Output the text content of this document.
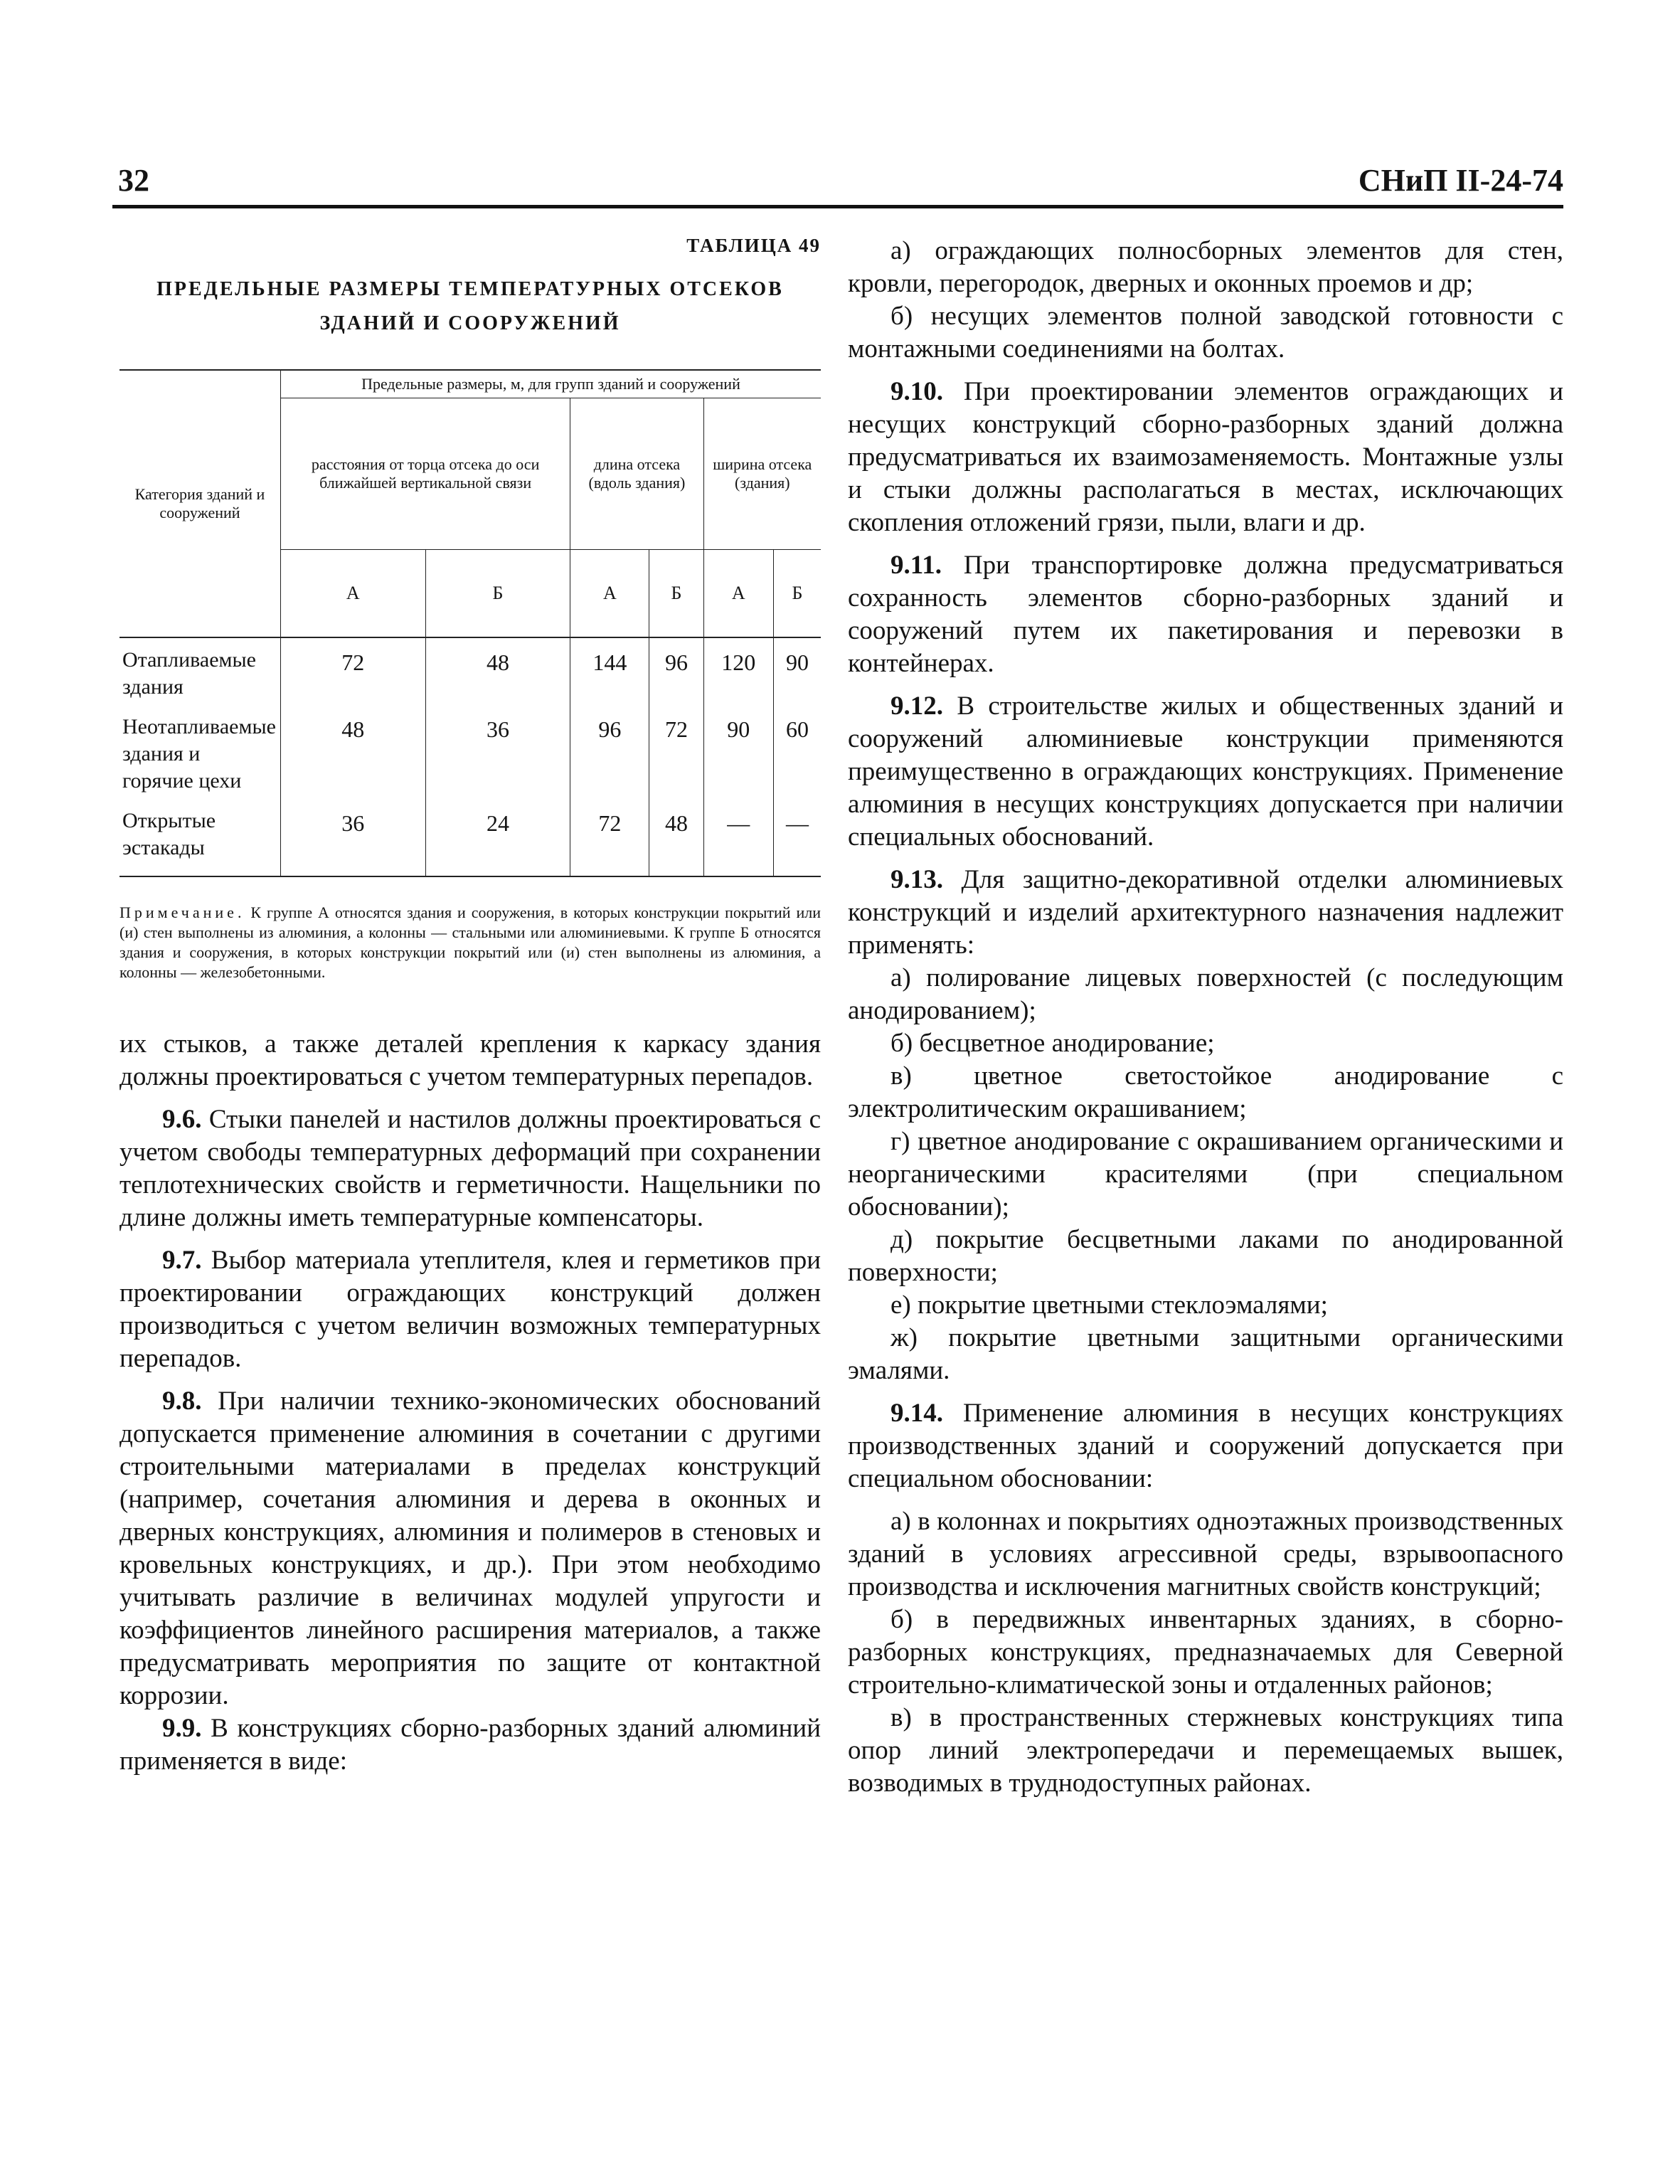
32	СНиП II-24-74
ТАБЛИЦА 49
ПРЕДЕЛЬНЫЕ РАЗМЕРЫ ТЕМПЕРАТУРНЫХ ОТСЕКОВ ЗДАНИЙ И СООРУЖЕНИЙ
Категория зданий и сооружений	Предельные размеры, м, для групп зданий и сооружений					
	расстояния от торца отсека до оси ближайшей вертикальной связи		длина отсека (вдоль здания)		ширина отсека (здания)	
	А	Б	А	Б	А	Б
Отапливаемые здания	72	48	144	96	120	90
Неотапливаемые здания и горячие цехи	48	36	96	72	90	60
Открытые эстакады	36	24	72	48	—	—
Примечание. К группе А относятся здания и сооружения, в которых конструкции покрытий или (и) стен выполнены из алюминия, а колонны — стальными или алюминиевыми. К группе Б относятся здания и сооружения, в которых конструкции покрытий или (и) стен выполнены из алюминия, а колонны — железобетонными.

их стыков, а также деталей крепления к каркасу здания должны проектироваться с учетом температурных перепадов.

9.6. Стыки панелей и настилов должны проектироваться с учетом свободы температурных деформаций при сохранении теплотехнических свойств и герметичности. Нащельники по длине должны иметь температурные компенсаторы.

9.7. Выбор материала утеплителя, клея и герметиков при проектировании ограждающих конструкций должен производиться с учетом величин возможных температурных перепадов.

9.8. При наличии технико-экономических обоснований допускается применение алюминия в сочетании с другими строительными материалами в пределах конструкций (например, сочетания алюминия и дерева в оконных и дверных конструкциях, алюминия и полимеров в стеновых и кровельных конструкциях, и др.). При этом необходимо учитывать различие в величинах модулей упругости и коэффициентов линейного расширения материалов, а также предусматривать мероприятия по защите от контактной коррозии.

9.9. В конструкциях сборно-разборных зданий алюминий применяется в виде:

а) ограждающих полносборных элементов для стен, кровли, перегородок, дверных и оконных проемов и др;

б) несущих элементов полной заводской готовности с монтажными соединениями на болтах.

9.10. При проектировании элементов ограждающих и несущих конструкций сборно-разборных зданий должна предусматриваться их взаимозаменяемость. Монтажные узлы и стыки должны располагаться в местах, исключающих скопления отложений грязи, пыли, влаги и др.

9.11. При транспортировке должна предусматриваться сохранность элементов сборно-разборных зданий и сооружений путем их пакетирования и перевозки в контейнерах.

9.12. В строительстве жилых и общественных зданий и сооружений алюминиевые конструкции применяются преимущественно в ограждающих конструкциях. Применение алюминия в несущих конструкциях допускается при наличии специальных обоснований.

9.13. Для защитно-декоративной отделки алюминиевых конструкций и изделий архитектурного назначения надлежит применять:

а) полирование лицевых поверхностей (с последующим анодированием);

б) бесцветное анодирование;

в) цветное светостойкое анодирование с электролитическим окрашиванием;

г) цветное анодирование с окрашиванием органическими и неорганическими красителями (при специальном обосновании);

д) покрытие бесцветными лаками по анодированной поверхности;

е) покрытие цветными стеклоэмалями;

ж) покрытие цветными защитными органическими эмалями.

9.14. Применение алюминия в несущих конструкциях производственных зданий и сооружений допускается при специальном обосновании:

а) в колоннах и покрытиях одноэтажных производственных зданий в условиях агрессивной среды, взрывоопасного производства и исключения магнитных свойств конструкций;

б) в передвижных инвентарных зданиях, в сборно-разборных конструкциях, предназначаемых для Северной строительно-климатической зоны и отдаленных районов;

в) в пространственных стержневых конструкциях типа опор линий электропередачи и перемещаемых вышек, возводимых в труднодоступных районах.
